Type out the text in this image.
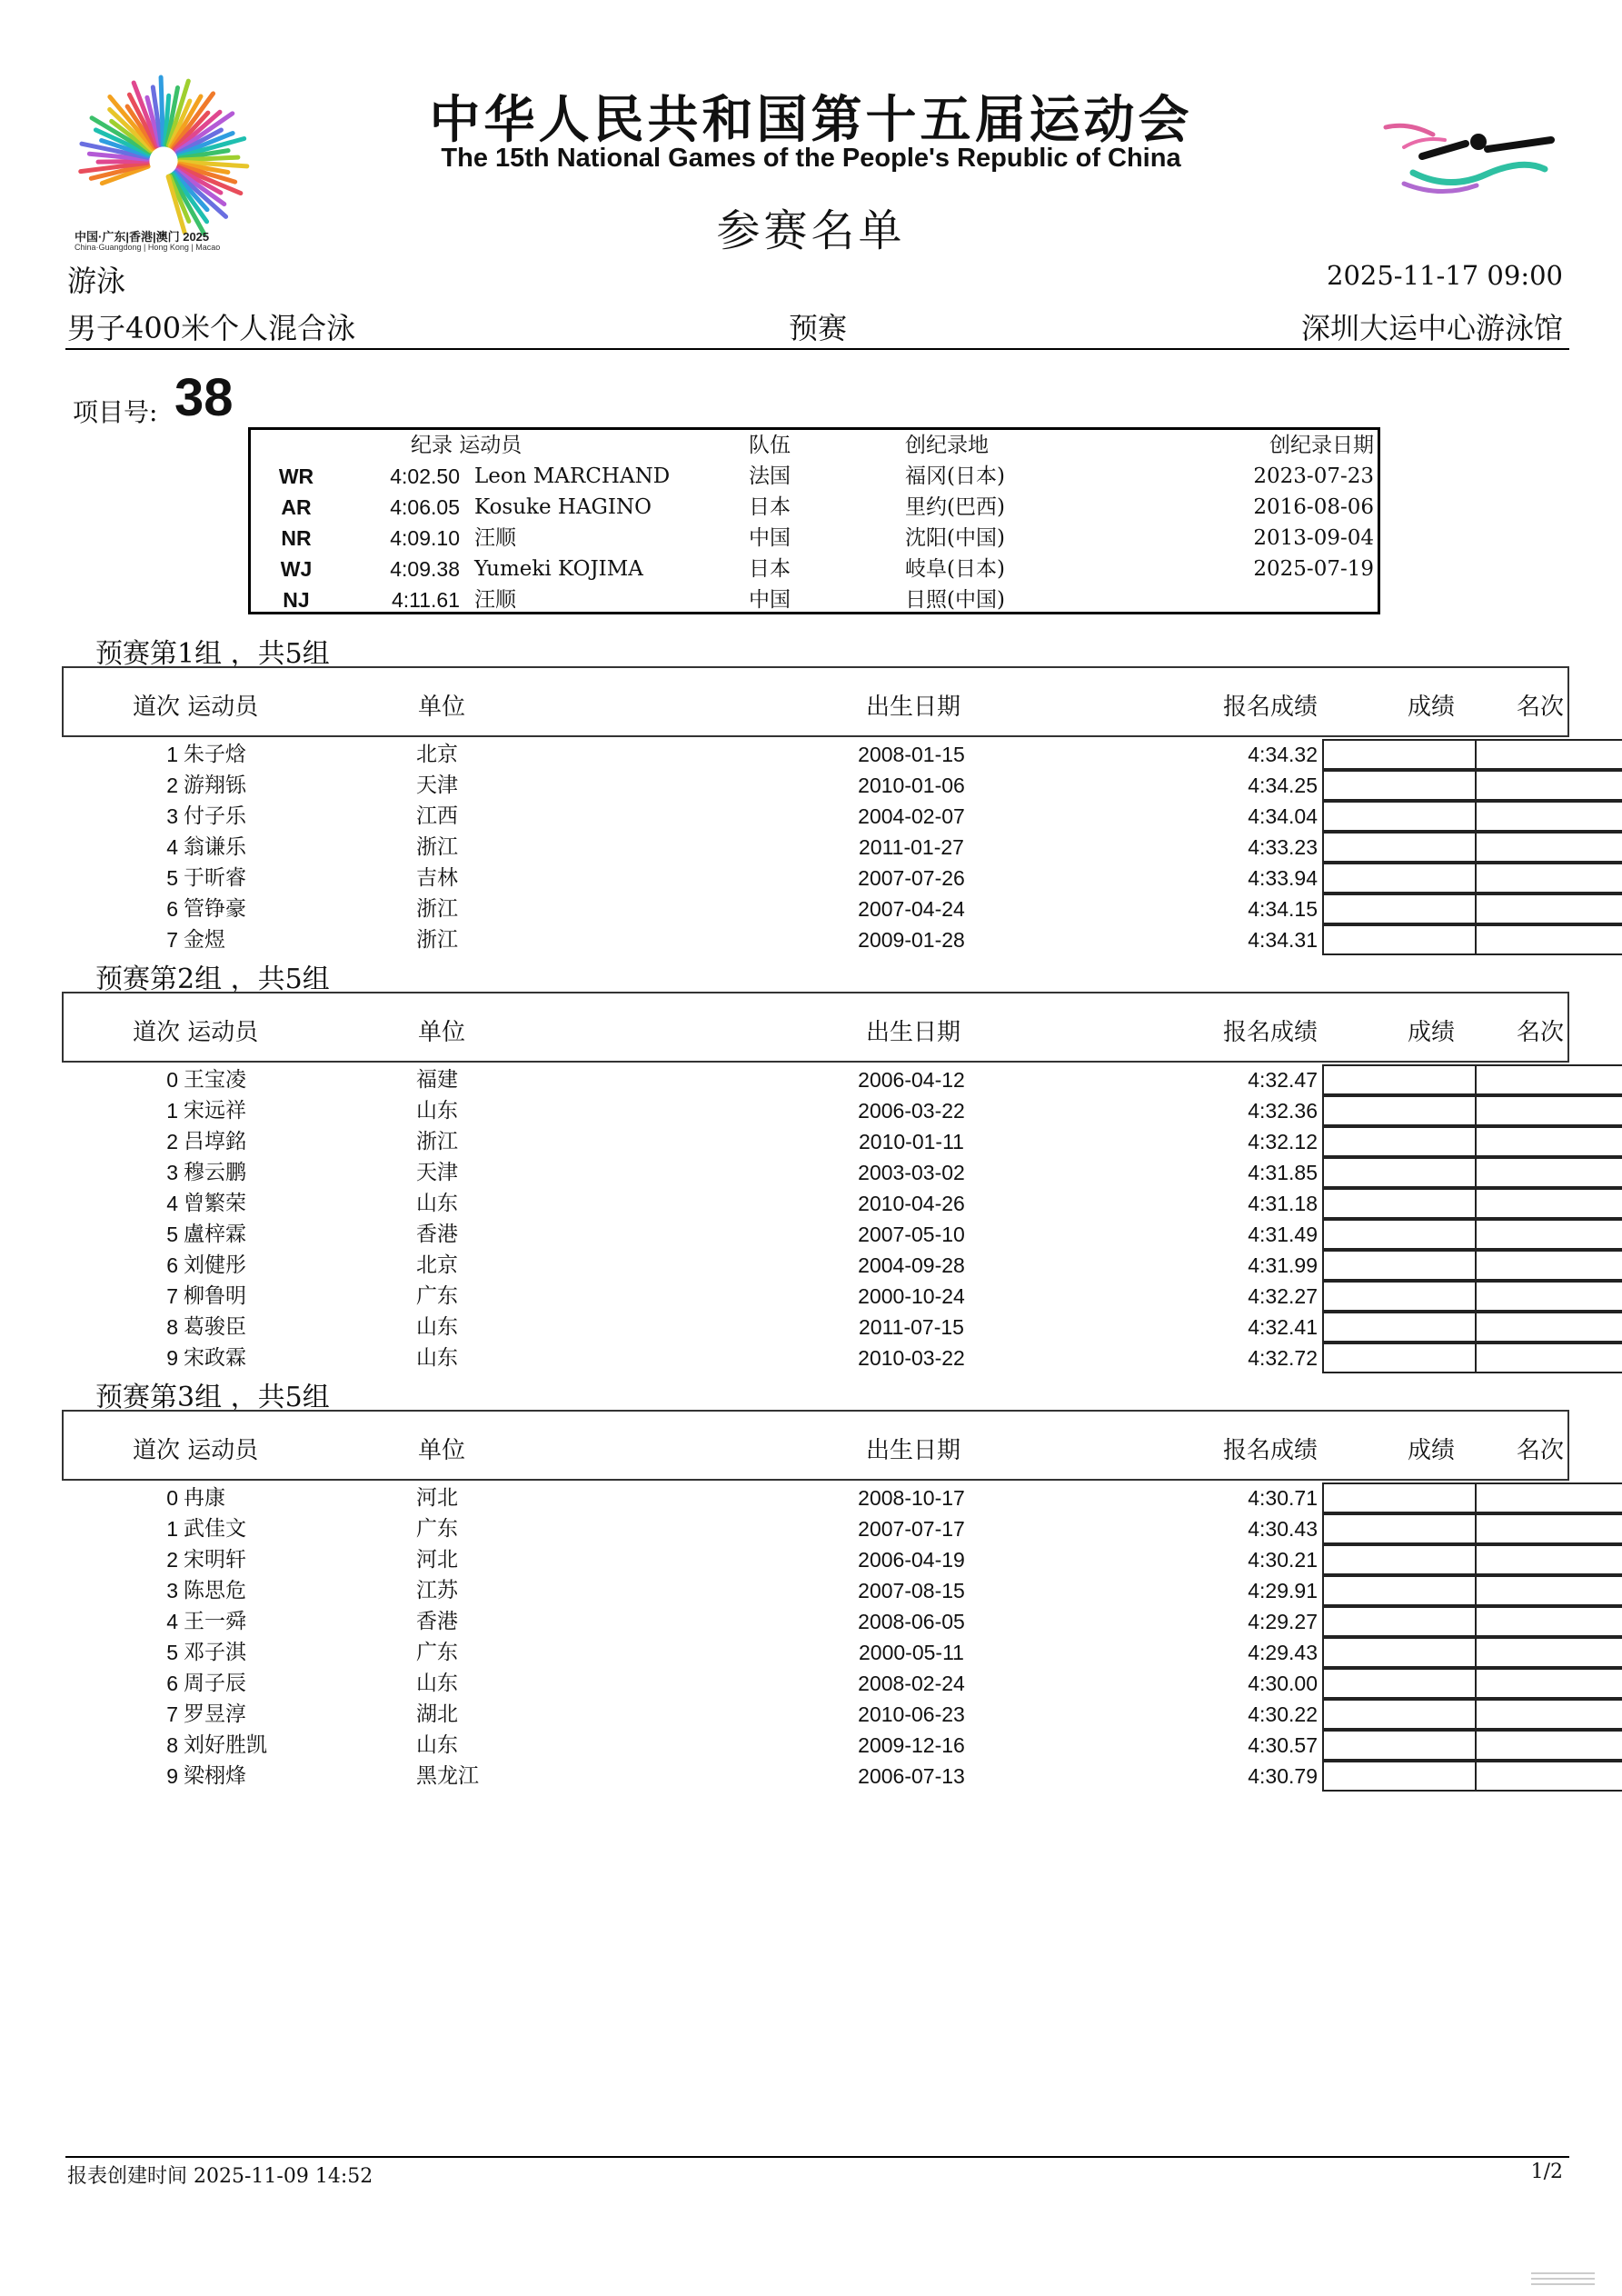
中国·广东|香港|澳门 2025
China·Guangdong | Hong Kong | Macao
中华人民共和国第十五届运动会
The 15th National Games of the People's Republic of China
参赛名单
游泳	2025-11-17 09:00
男子400米个人混合泳	预赛	深圳大运中心游泳馆
项目号: 38
纪录 运动员	队伍	创纪录地	创纪录日期
WR	4:02.50 Leon MARCHAND	法国	福冈(日本)	2023-07-23
AR	4:06.05 Kosuke HAGINO	日本	里约(巴西)	2016-08-06
NR	4:09.10 汪顺	中国	沈阳(中国)	2013-09-04
WJ	4:09.38 Yumeki KOJIMA	日本	岐阜(日本)	2025-07-19
NJ	4:11.61 汪顺	中国	日照(中国)
预赛第1组 ，共5组
道次 运动员	单位	出生日期	报名成绩	成绩	名次
1 朱子焓	北京	2008-01-15	4:34.32
2 游翔铄	天津	2010-01-06	4:34.25
3 付子乐	江西	2004-02-07	4:34.04
4 翁谦乐	浙江	2011-01-27	4:33.23
5 于昕睿	吉林	2007-07-26	4:33.94
6 管铮豪	浙江	2007-04-24	4:34.15
7 金煜	浙江	2009-01-28	4:34.31
预赛第2组 ，共5组
道次 运动员	单位	出生日期	报名成绩	成绩	名次
0 王宝凌	福建	2006-04-12	4:32.47
1 宋远祥	山东	2006-03-22	4:32.36
2 吕埻銘	浙江	2010-01-11	4:32.12
3 穆云鹏	天津	2003-03-02	4:31.85
4 曾繁荣	山东	2010-04-26	4:31.18
5 盧梓霖	香港	2007-05-10	4:31.49
6 刘健彤	北京	2004-09-28	4:31.99
7 柳鲁明	广东	2000-10-24	4:32.27
8 葛骏臣	山东	2011-07-15	4:32.41
9 宋政霖	山东	2010-03-22	4:32.72
预赛第3组 ，共5组
道次 运动员	单位	出生日期	报名成绩	成绩	名次
0 冉康	河北	2008-10-17	4:30.71
1 武佳文	广东	2007-07-17	4:30.43
2 宋明轩	河北	2006-04-19	4:30.21
3 陈思危	江苏	2007-08-15	4:29.91
4 王一舜	香港	2008-06-05	4:29.27
5 邓子淇	广东	2000-05-11	4:29.43
6 周子辰	山东	2008-02-24	4:30.00
7 罗昱淳	湖北	2010-06-23	4:30.22
8 刘好胜凯	山东	2009-12-16	4:30.57
9 梁栩烽	黑龙江	2006-07-13	4:30.79
报表创建时间 2025-11-09 14:52	1/2
